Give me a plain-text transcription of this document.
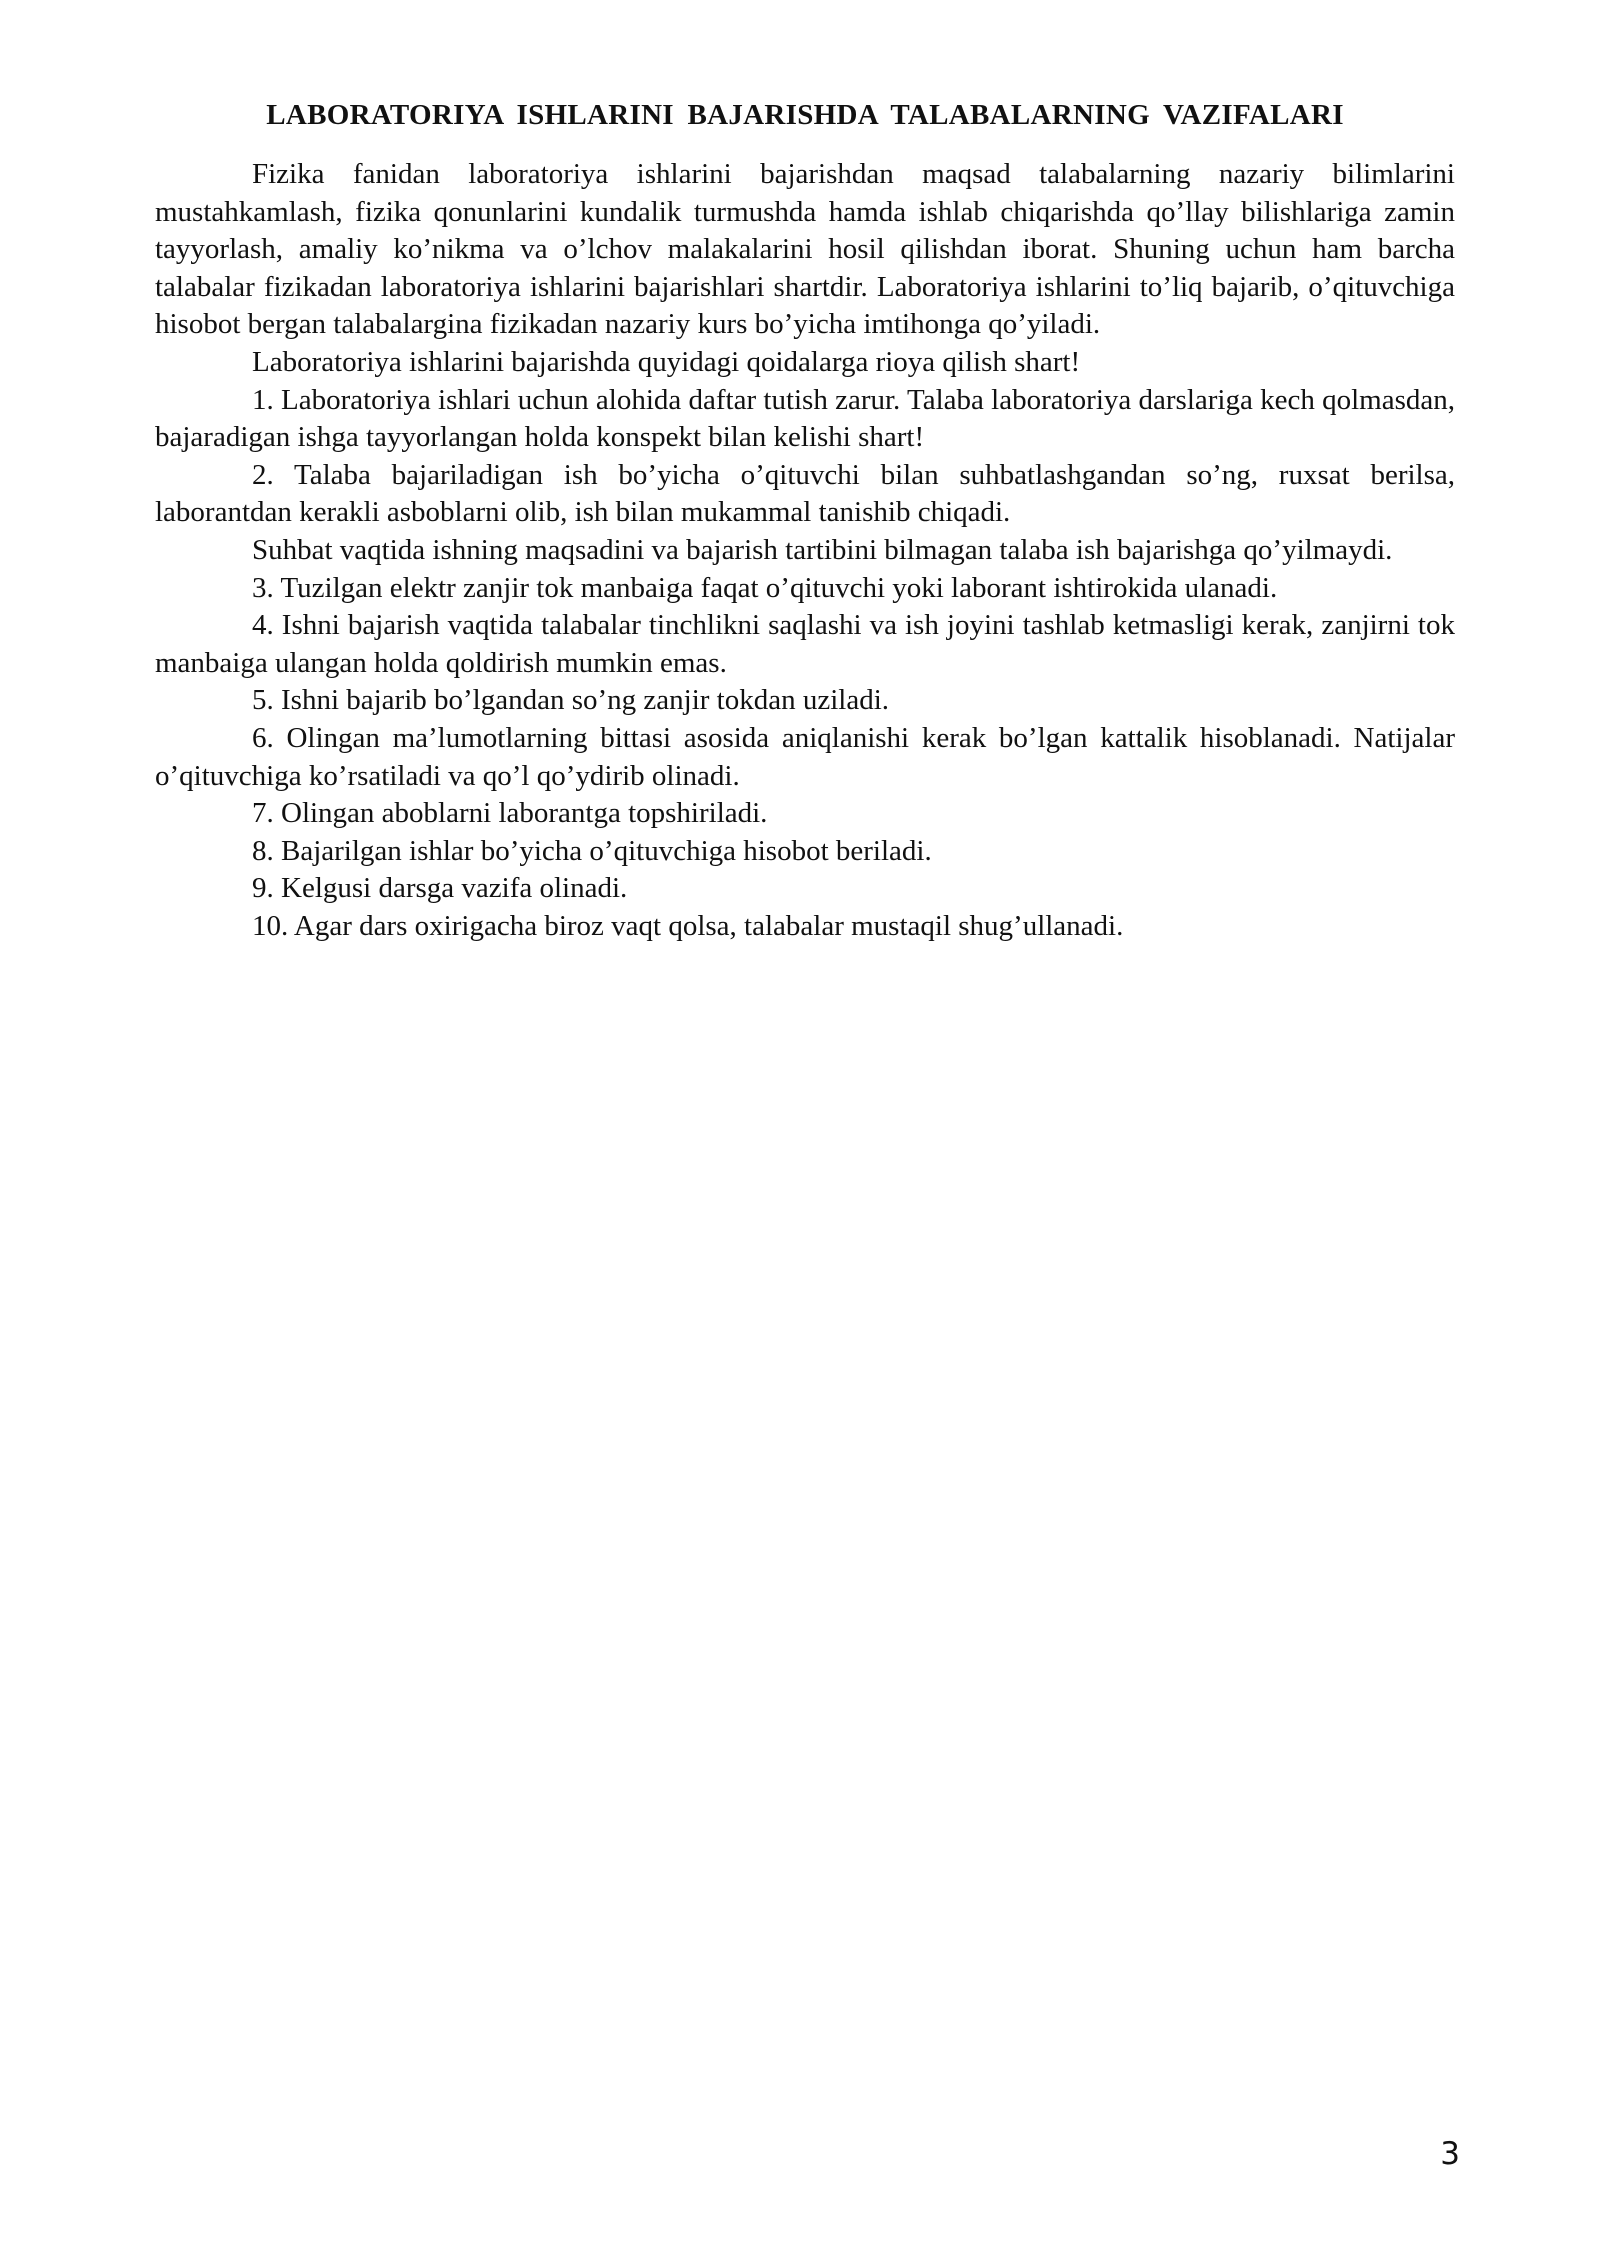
LABORATORIYA ISHLARINI BAJARISHDA TALABALARNING VAZIFALARI

Fizika fanidan laboratoriya ishlarini bajarishdan maqsad talabalarning nazariy bilimlarini mustahkamlash, fizika qonunlarini kundalik turmushda hamda ishlab chiqarishda qo’llay bilishlariga zamin tayyorlash, amaliy ko’nikma va o’lchov malakalarini hosil qilishdan iborat. Shuning uchun ham barcha talabalar fizikadan laboratoriya ishlarini bajarishlari shartdir. Laboratoriya ishlarini to’liq bajarib, o’qituvchiga hisobot bergan talabalargina fizikadan nazariy kurs bo’yicha imtihonga qo’yiladi.

Laboratoriya ishlarini bajarishda quyidagi qoidalarga rioya qilish shart!

1. Laboratoriya ishlari uchun alohida daftar tutish zarur. Talaba laboratoriya darslariga kech qolmasdan, bajaradigan ishga tayyorlangan holda konspekt bilan kelishi shart!

2. Talaba bajariladigan ish bo’yicha o’qituvchi bilan suhbatlashgandan so’ng, ruxsat berilsa, laborantdan kerakli asboblarni olib, ish bilan mukammal tanishib chiqadi.

Suhbat vaqtida ishning maqsadini va bajarish tartibini bilmagan talaba ish bajarishga qo’yilmaydi.

3. Tuzilgan elektr zanjir tok manbaiga faqat o’qituvchi yoki laborant ishtirokida ulanadi.

4. Ishni bajarish vaqtida talabalar tinchlikni saqlashi va ish joyini tashlab ketmasligi kerak, zanjirni tok manbaiga ulangan holda qoldirish mumkin emas.

5. Ishni bajarib bo’lgandan so’ng zanjir tokdan uziladi.

6. Olingan ma’lumotlarning bittasi asosida aniqlanishi kerak bo’lgan kattalik hisoblanadi. Natijalar o’qituvchiga ko’rsatiladi va qo’l qo’ydirib olinadi.

7. Olingan aboblarni laborantga topshiriladi.

8. Bajarilgan ishlar bo’yicha o’qituvchiga hisobot beriladi.

9. Kelgusi darsga vazifa olinadi.

10. Agar dars oxirigacha biroz vaqt qolsa, talabalar mustaqil shug’ullanadi.

3
